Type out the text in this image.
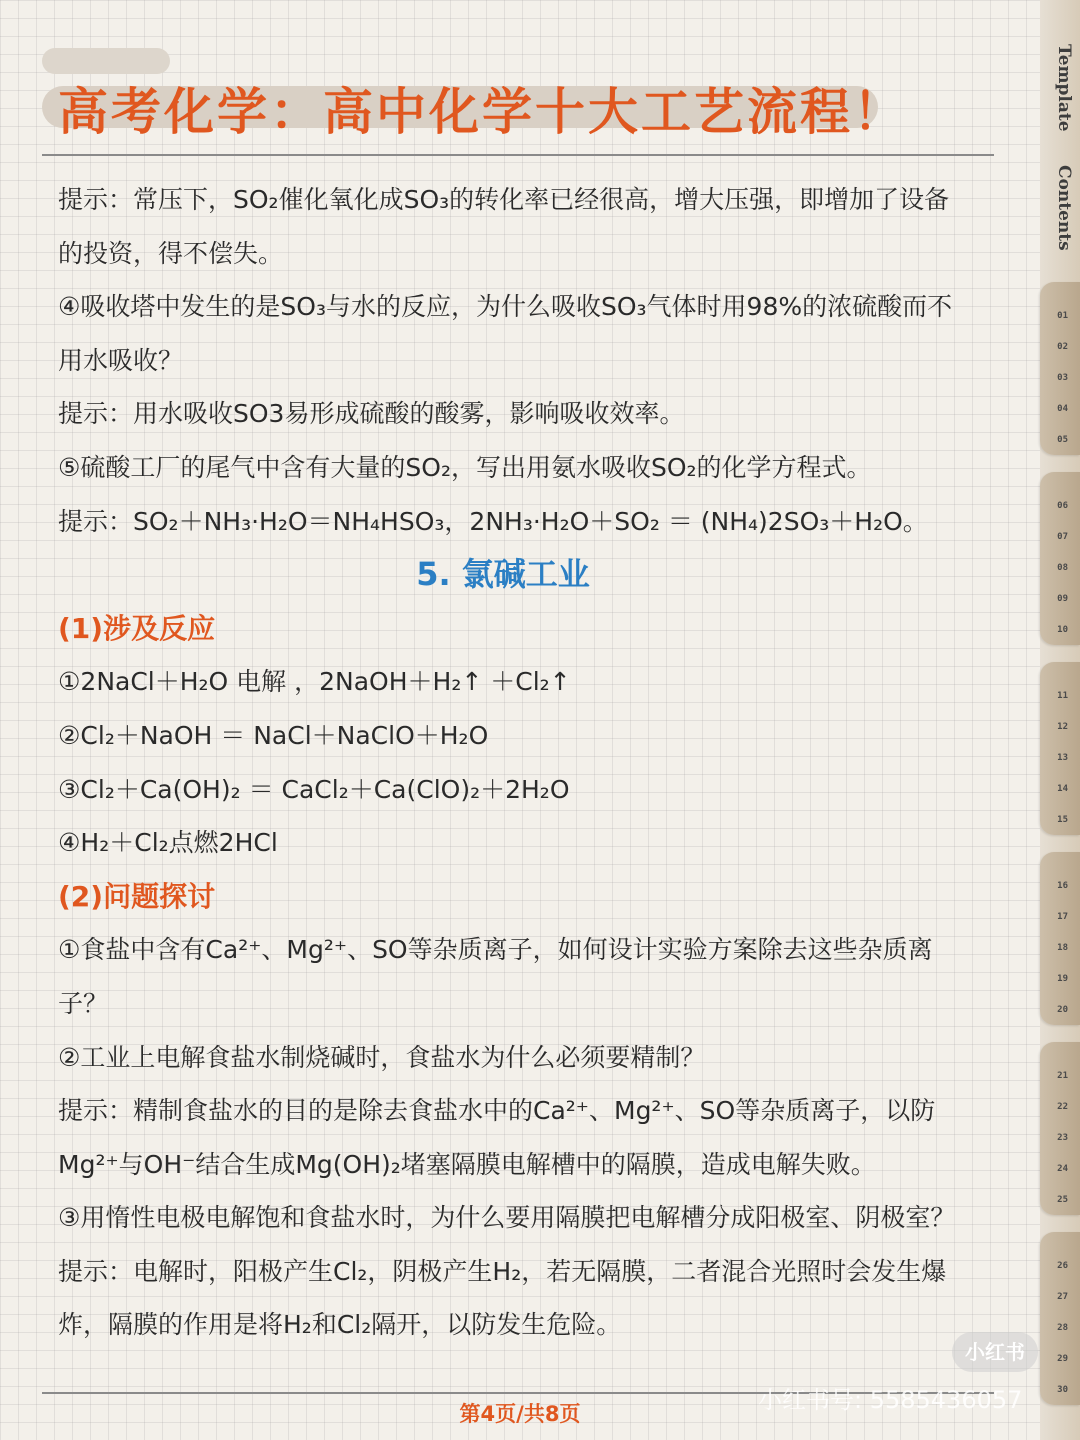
高考化学：高中化学十大工艺流程！
提示：常压下，SO₂催化氧化成SO₃的转化率已经很高，增大压强，即增加了设备
的投资，得不偿失。
④吸收塔中发生的是SO₃与水的反应，为什么吸收SO₃气体时用98%的浓硫酸而不
用水吸收？
提示：用水吸收SO3易形成硫酸的酸雾，影响吸收效率。
⑤硫酸工厂的尾气中含有大量的SO₂，写出用氨水吸收SO₂的化学方程式。
提示：SO₂＋NH₃·H₂O＝NH₄HSO₃，2NH₃·H₂O＋SO₂ ＝ (NH₄)2SO₃＋H₂O。
5. 氯碱工业
(1)涉及反应
①2NaCl＋H₂O 电解 ，2NaOH＋H₂↑ ＋Cl₂↑
②Cl₂＋NaOH ＝ NaCl＋NaClO＋H₂O
③Cl₂＋Ca(OH)₂ ＝ CaCl₂＋Ca(ClO)₂＋2H₂O
④H₂＋Cl₂点燃2HCl
(2)问题探讨
①食盐中含有Ca²⁺、Mg²⁺、SO等杂质离子，如何设计实验方案除去这些杂质离
子？
②工业上电解食盐水制烧碱时，食盐水为什么必须要精制？
提示：精制食盐水的目的是除去食盐水中的Ca²⁺、Mg²⁺、SO等杂质离子，以防
Mg²⁺与OH⁻结合生成Mg(OH)₂堵塞隔膜电解槽中的隔膜，造成电解失败。
③用惰性电极电解饱和食盐水时，为什么要用隔膜把电解槽分成阳极室、阴极室？
提示：电解时，阳极产生Cl₂，阴极产生H₂，若无隔膜，二者混合光照时会发生爆
炸，隔膜的作用是将H₂和Cl₂隔开，以防发生危险。
第4页/共8页
小红书
小红书号: 5585436057
Template  Contents
01
02
03
04
05
06
07
08
09
10
11
12
13
14
15
16
17
18
19
20
21
22
23
24
25
26
27
28
29
30
